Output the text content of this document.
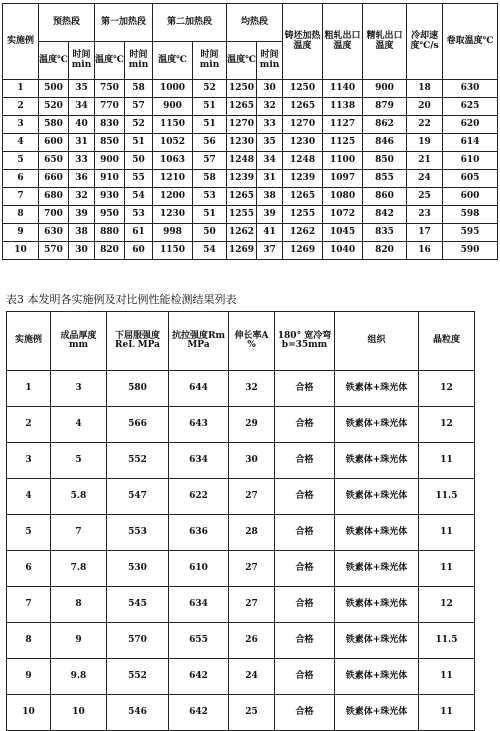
实施例	预热段		第一加热段		第二加热段		均热段		铸坯加热温度	粗轧出口温度	精轧出口温度	冷却速度℃/s	卷取温度℃
	温度℃	时间min	温度℃	时间min	温度℃	时间min	温度℃	时间min					
1	500	35	750	58	1000	52	1250	30	1250	1140	900	18	630
2	520	34	770	57	900	51	1265	32	1265	1138	879	20	625
3	580	40	830	52	1150	51	1270	33	1270	1127	862	22	620
4	600	31	850	51	1052	56	1230	35	1230	1125	846	19	614
5	650	33	900	50	1063	57	1248	34	1248	1100	850	21	610
6	660	36	910	55	1210	58	1239	31	1239	1097	855	24	605
7	680	32	930	54	1200	53	1265	38	1265	1080	860	25	600
8	700	39	950	53	1230	51	1255	39	1255	1072	842	23	598
9	630	38	880	61	998	50	1262	41	1262	1045	835	17	595
10	570	30	820	60	1150	54	1269	37	1269	1040	820	16	590
表3 本发明各实施例及对比例性能检测结果列表
实施例	成品厚度mm	下屈服强度ReL MPa	抗拉强度Rm MPa	伸长率A %	180° 宽冷弯 b=35mm	组织	晶粒度
1	3	580	644	32	合格	铁素体+珠光体	12
2	4	566	643	29	合格	铁素体+珠光体	12
3	5	552	634	30	合格	铁素体+珠光体	11
4	5.8	547	622	27	合格	铁素体+珠光体	11.5
5	7	553	636	28	合格	铁素体+珠光体	11
6	7.8	530	610	27	合格	铁素体+珠光体	11
7	8	545	634	27	合格	铁素体+珠光体	12
8	9	570	655	26	合格	铁素体+珠光体	11.5
9	9.8	552	642	24	合格	铁素体+珠光体	11
10	10	546	642	25	合格	铁素体+珠光体	11
